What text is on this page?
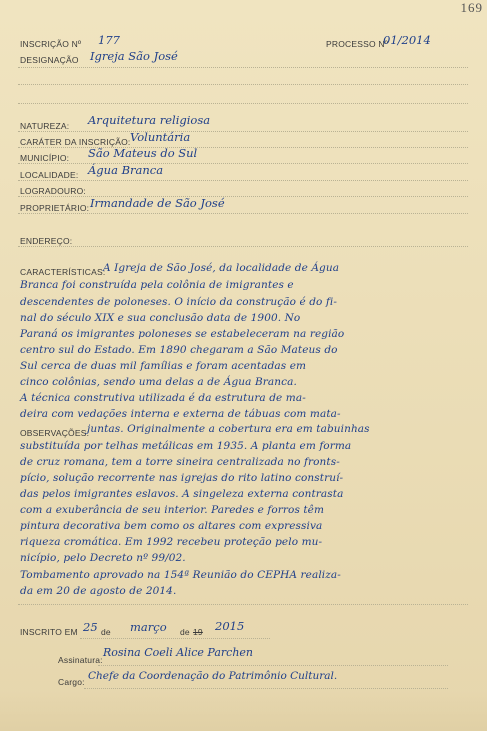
169
INSCRIÇÃO Nº 177	PROCESSO Nº
01/2014
DESIGNAÇÃO Igreja São José
NATUREZA: Arquitetura religiosa
CARÁTER DA INSCRIÇÃO: Voluntária
MUNICÍPIO: São Mateus do Sul
LOCALIDADE: Água Branca
LOGRADOURO:
PROPRIETÁRIO: Irmandade de São José
ENDEREÇO:
CARACTERÍSTICAS:
A Igreja de São José, da localidade de Água
Branca foi construída pela colônia de imigrantes e
descendentes de poloneses. O início da construção é do fi-
nal do século XIX e sua conclusão data de 1900. No
Paraná os imigrantes poloneses se estabeleceram na região
centro sul do Estado. Em 1890 chegaram a São Mateus do
Sul cerca de duas mil famílias e foram acentadas em
cinco colônias, sendo uma delas a de Água Branca.
A técnica construtiva utilizada é da estrutura de ma-
deira com vedações interna e externa de tábuas com mata-
OBSERVAÇÕES:
juntas. Originalmente a cobertura era em tabuinhas
substituída por telhas metálicas em 1935. A planta em forma
de cruz romana, tem a torre sineira centralizada no fronts-
pício, solução recorrente nas igrejas do rito latino construí-
das pelos imigrantes eslavos. A singeleza externa contrasta
com a exuberância de seu interior. Paredes e forros têm
pintura decorativa bem como os altares com expressiva
riqueza cromática. Em 1992 recebeu proteção pelo mu-
nicípio, pelo Decreto nº 99/02.
Tombamento aprovado na 154ª Reunião do CEPHA realiza-
da em 20 de agosto de 2014.
INSCRITO EM 25 de março de 19 2015
Assinatura:
Rosina Coeli Alice Parchen
Cargo: Chefe da Coordenação do Patrimônio Cultural.
